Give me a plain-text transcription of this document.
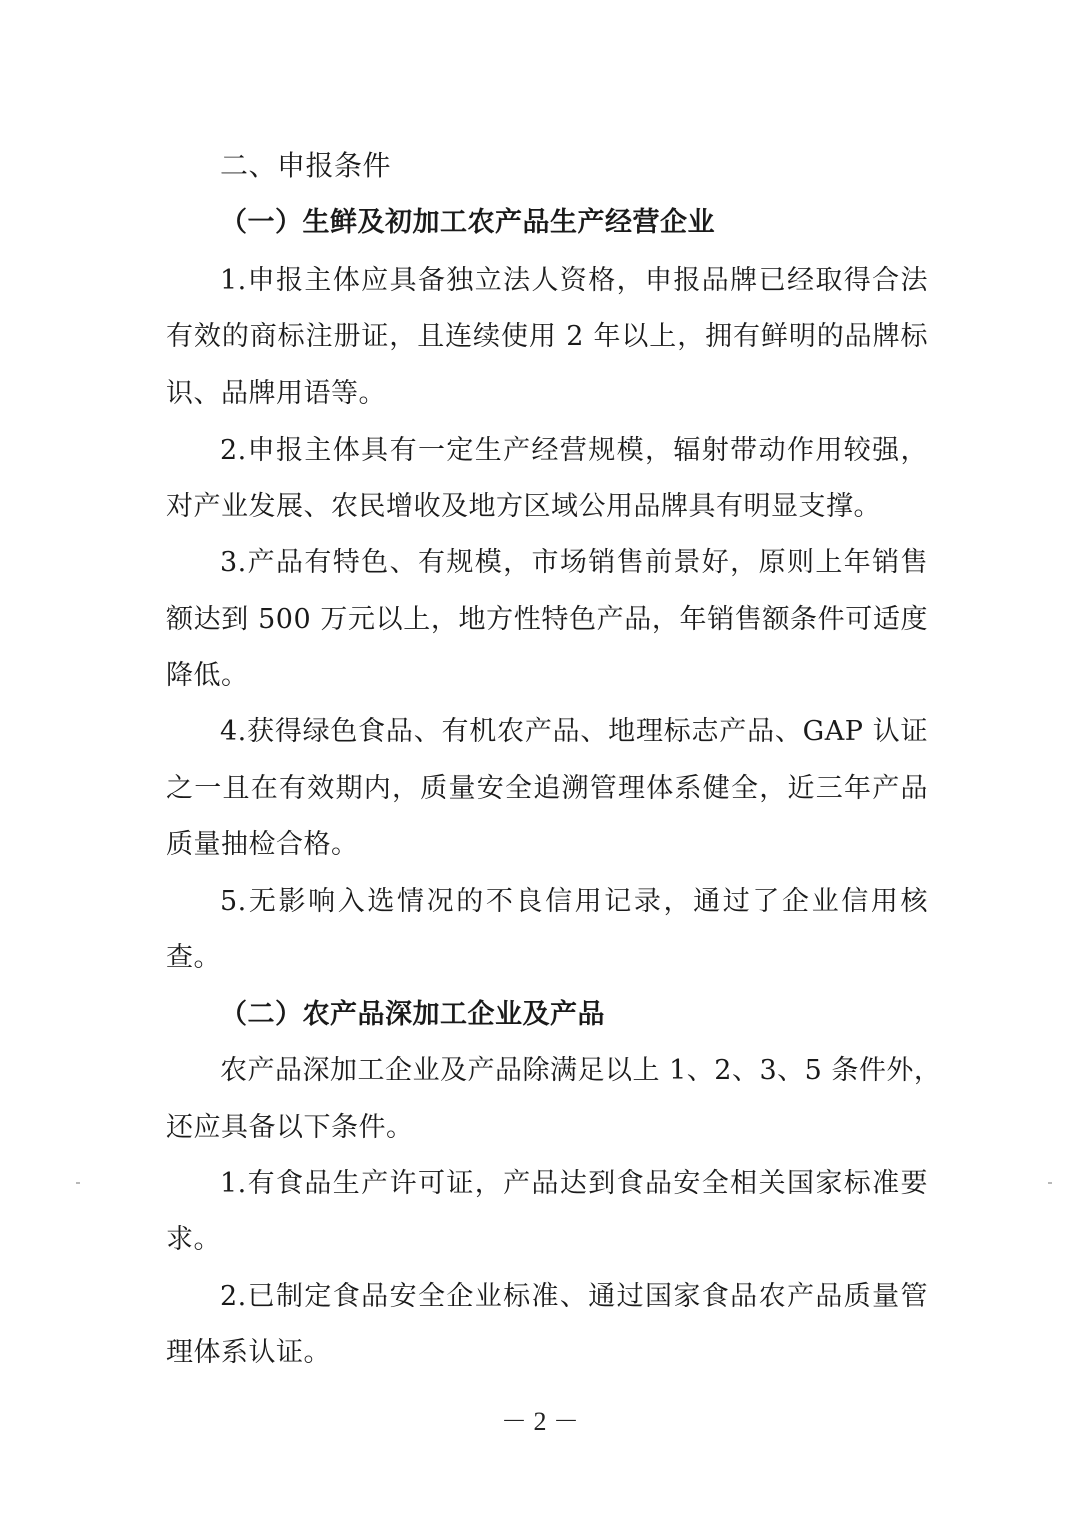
二、申报条件
（一）生鲜及初加工农产品生产经营企业
1.申报主体应具备独立法人资格，申报品牌已经取得合法
有效的商标注册证，且连续使用 2 年以上，拥有鲜明的品牌标
识、品牌用语等。
2.申报主体具有一定生产经营规模，辐射带动作用较强，
对产业发展、农民增收及地方区域公用品牌具有明显支撑。
3.产品有特色、有规模，市场销售前景好，原则上年销售
额达到 500 万元以上，地方性特色产品，年销售额条件可适度
降低。
4.获得绿色食品、有机农产品、地理标志产品、GAP 认证
之一且在有效期内，质量安全追溯管理体系健全，近三年产品
质量抽检合格。
5.无影响入选情况的不良信用记录，通过了企业信用核
查。
（二）农产品深加工企业及产品
农产品深加工企业及产品除满足以上 1、2、3、5 条件外，
还应具备以下条件。
1.有食品生产许可证，产品达到食品安全相关国家标准要
求。
2.已制定食品安全企业标准、通过国家食品农产品质量管
理体系认证。
－ 2 －
